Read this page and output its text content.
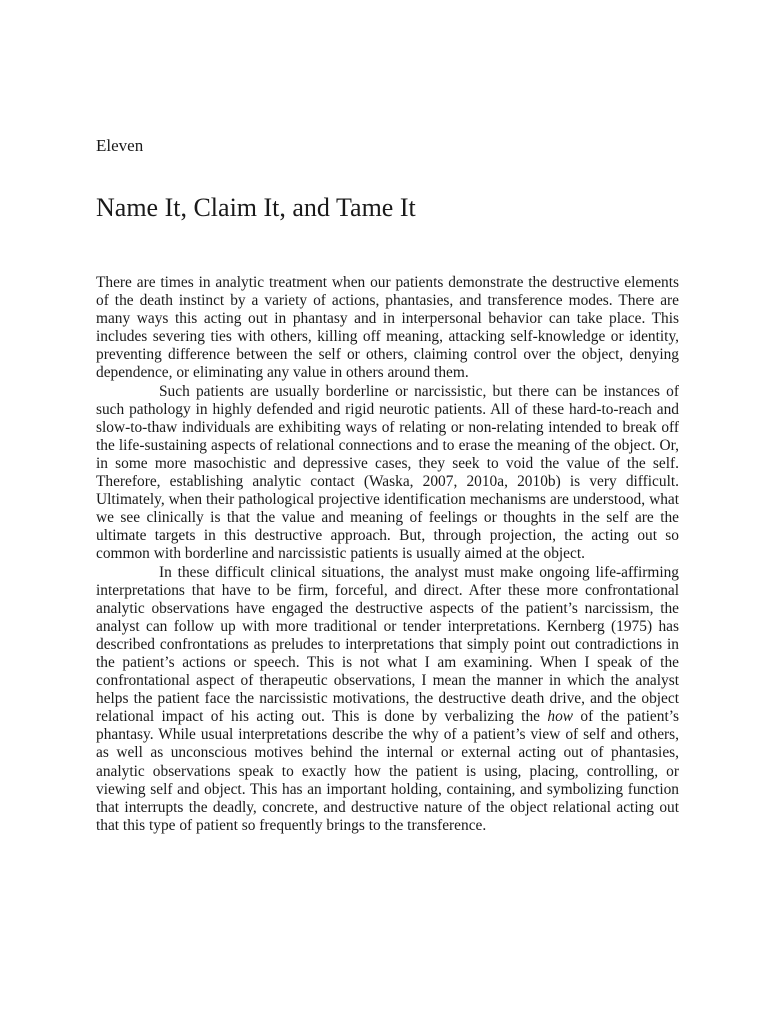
Eleven
Name It, Claim It, and Tame It

There are times in analytic treatment when our patients demonstrate the destructive elements of the death instinct by a variety of actions, phantasies, and transference modes. There are many ways this acting out in phantasy and in interpersonal behavior can take place. This includes severing ties with others, killing off meaning, attacking self-knowledge or identity, preventing difference between the self or others, claiming control over the object, denying dependence, or eliminating any value in others around them.

Such patients are usually borderline or narcissistic, but there can be instances of such pathology in highly defended and rigid neurotic patients. All of these hard-to-reach and slow-to-thaw individuals are exhibiting ways of relating or non-relating intended to break off the life-sustaining aspects of relational connections and to erase the meaning of the object. Or, in some more masochistic and depressive cases, they seek to void the value of the self. Therefore, establishing analytic contact (Waska, 2007, 2010a, 2010b) is very difficult. Ultimately, when their pathological projective identification mechanisms are understood, what we see clinically is that the value and meaning of feelings or thoughts in the self are the ultimate targets in this destructive approach. But, through projection, the acting out so common with borderline and narcissistic patients is usually aimed at the object.

In these difficult clinical situations, the analyst must make ongoing life-affirming interpretations that have to be firm, forceful, and direct. After these more confrontational analytic observations have engaged the destructive aspects of the patient’s narcissism, the analyst can follow up with more traditional or tender interpretations. Kernberg (1975) has described confrontations as preludes to interpretations that simply point out contradictions in the patient’s actions or speech. This is not what I am examining. When I speak of the confrontational aspect of therapeutic observations, I mean the manner in which the analyst helps the patient face the narcissistic motivations, the destructive death drive, and the object relational impact of his acting out. This is done by verbalizing the how of the patient’s phantasy. While usual interpretations describe the why of a patient’s view of self and others, as well as unconscious motives behind the internal or external acting out of phantasies, analytic observations speak to exactly how the patient is using, placing, controlling, or viewing self and object. This has an important holding, containing, and symbolizing function that interrupts the deadly, concrete, and destructive nature of the object relational acting out that this type of patient so frequently brings to the transference.
